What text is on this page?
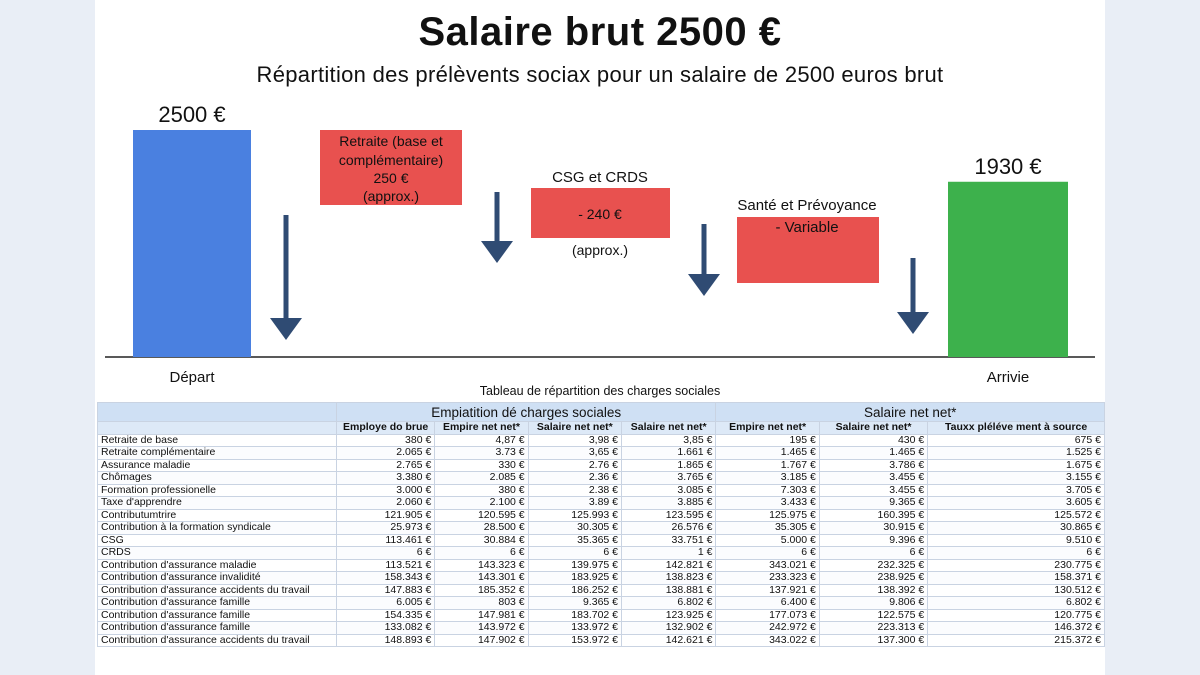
Salaire brut 2500 €
Répartition des prélèvents sociax pour un salaire de 2500 euros brut
2500 €
Départ
1930 €
Arrivie
Retraite (base et
complémentaire)
250 €
(approx.)
CSG et CRDS
- 240 €
(approx.)
Santé et Prévoyance
- Variable
Tableau de répartition des charges sociales
	Empiatition dé charges sociales				Salaire net net*		
	Employe do brue	Empire net net*	Salaire net net*	Salaire net net*	Empire net net*	Salaire net net*	Tauxx pléléve ment à source
Retraite de base	380 €	4,87 €	3,98 €	3,85 €	195 €	430 €	675 €
Retraite complémentaire	2.065 €	3.73 €	3,65 €	1.661 €	1.465 €	1.465 €	1.525 €
Assurance maladie	2.765 €	330 €	2.76 €	1.865 €	1.767 €	3.786 €	1.675 €
Chômages	3.380 €	2.085 €	2.36 €	3.765 €	3.185 €	3.455 €	3.155 €
Formation professionelle	3.000 €	380 €	2.38 €	3.085 €	7.303 €	3.455 €	3.705 €
Taxe d'apprendre	2.060 €	2.100 €	3.89 €	3.885 €	3.433 €	9.365 €	3.605 €
Contributumtrire	121.905 €	120.595 €	125.993 €	123.595 €	125.975 €	160.395 €	125.572 €
Contribution à la formation syndicale	25.973 €	28.500 €	30.305 €	26.576 €	35.305 €	30.915 €	30.865 €
CSG	113.461 €	30.884 €	35.365 €	33.751 €	5.000 €	9.396 €	9.510 €
CRDS	6 €	6 €	6 €	1 €	6 €	6 €	6 €
Contribution d'assurance maladie	113.521 €	143.323 €	139.975 €	142.821 €	343.021 €	232.325 €	230.775 €
Contribution d'assurance invalidité	158.343 €	143.301 €	183.925 €	138.823 €	233.323 €	238.925 €	158.371 €
Contribution d'assurance accidents du travail	147.883 €	185.352 €	186.252 €	138.881 €	137.921 €	138.392 €	130.512 €
Contribution d'assurance famille	6.005 €	803 €	9.365 €	6.802 €	6.400 €	9.806 €	6.802 €
Contribution d'assurance famille	154.335 €	147.981 €	183.702 €	123.925 €	177.073 €	122.575 €	120.775 €
Contribution d'assurance famille	133.082 €	143.972 €	133.972 €	132.902 €	242.972 €	223.313 €	146.372 €
Contribution d'assurance accidents du travail	148.893 €	147.902 €	153.972 €	142.621 €	343.022 €	137.300 €	215.372 €
